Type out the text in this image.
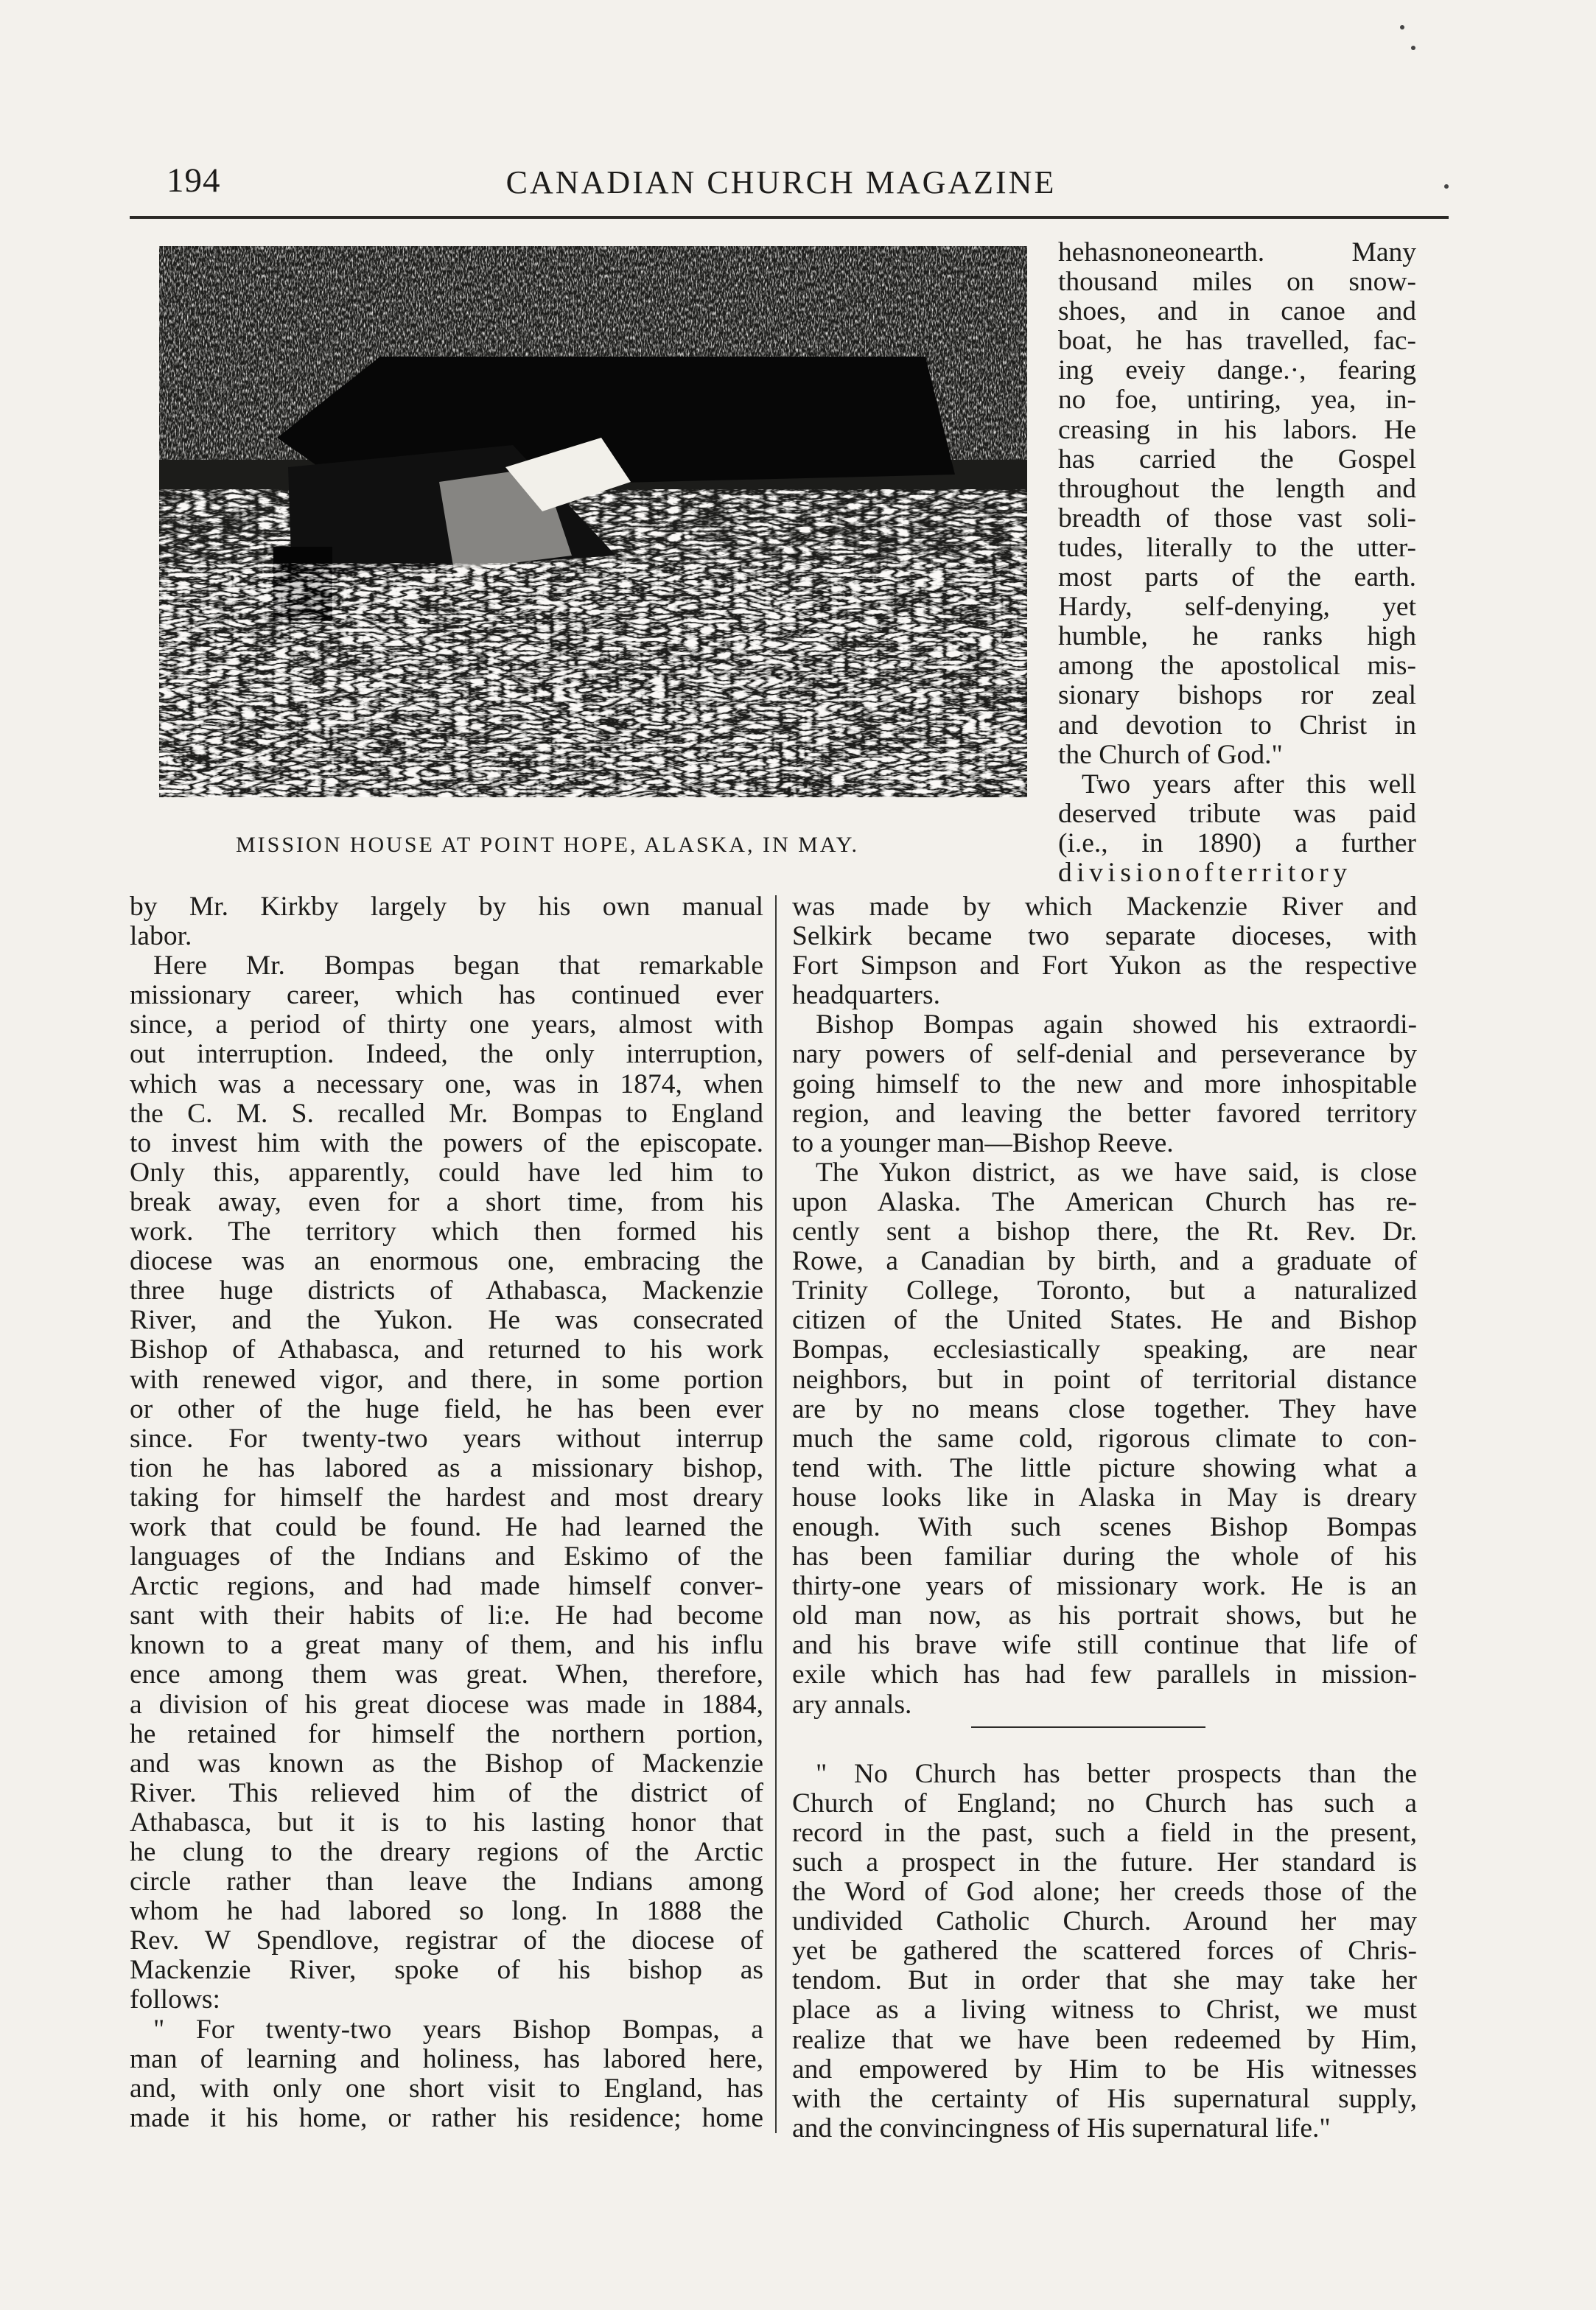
194	CANADIAN CHURCH MAGAZINE
MISSION HOUSE AT POINT HOPE, ALASKA, IN MAY.

hehasnoneonearth. Many

thousand miles on snow-

shoes, and in canoe and

boat, he has travelled, fac-

ing eveiy dange.·, fearing

no foe, untiring, yea, in-

creasing in his labors. He

has carried the Gospel

throughout the length and

breadth of those vast soli-

tudes, literally to the utter-

most parts of the earth.

Hardy, self-denying, yet

humble, he ranks high

among the apostolical mis-

sionary bishops ror zeal

and devotion to Christ in

the Church of God."

Two years after this well

deserved tribute was paid

(i.e., in 1890) a further

divisionofterritory

by Mr. Kirkby largely by his own manual

labor.

Here Mr. Bompas began that remarkable

missionary career, which has continued ever

since, a period of thirty one years, almost with

out interruption. Indeed, the only interruption,

which was a necessary one, was in 1874, when

the C. M. S. recalled Mr. Bompas to England

to invest him with the powers of the episcopate.

Only this, apparently, could have led him to

break away, even for a short time, from his

work. The territory which then formed his

diocese was an enormous one, embracing the

three huge districts of Athabasca, Mackenzie

River, and the Yukon. He was consecrated

Bishop of Athabasca, and returned to his work

with renewed vigor, and there, in some portion

or other of the huge field, he has been ever

since. For twenty-two years without interrup

tion he has labored as a missionary bishop,

taking for himself the hardest and most dreary

work that could be found. He had learned the

languages of the Indians and Eskimo of the

Arctic regions, and had made himself conver-

sant with their habits of li:e. He had become

known to a great many of them, and his influ

ence among them was great. When, therefore,

a division of his great diocese was made in 1884,

he retained for himself the northern portion,

and was known as the Bishop of Mackenzie

River. This relieved him of the district of

Athabasca, but it is to his lasting honor that

he clung to the dreary regions of the Arctic

circle rather than leave the Indians among

whom he had labored so long. In 1888 the

Rev. W Spendlove, registrar of the diocese of

Mackenzie River, spoke of his bishop as

follows:

" For twenty-two years Bishop Bompas, a

man of learning and holiness, has labored here,

and, with only one short visit to England, has

made it his home, or rather his residence; home

was made by which Mackenzie River and

Selkirk became two separate dioceses, with

Fort Simpson and Fort Yukon as the respective

headquarters.

Bishop Bompas again showed his extraordi-

nary powers of self-denial and perseverance by

going himself to the new and more inhospitable

region, and leaving the better favored territory

to a younger man—Bishop Reeve.

The Yukon district, as we have said, is close

upon Alaska. The American Church has re-

cently sent a bishop there, the Rt. Rev. Dr.

Rowe, a Canadian by birth, and a graduate of

Trinity College, Toronto, but a naturalized

citizen of the United States. He and Bishop

Bompas, ecclesiastically speaking, are near

neighbors, but in point of territorial distance

are by no means close together. They have

much the same cold, rigorous climate to con-

tend with. The little picture showing what a

house looks like in Alaska in May is dreary

enough. With such scenes Bishop Bompas

has been familiar during the whole of his

thirty-one years of missionary work. He is an

old man now, as his portrait shows, but he

and his brave wife still continue that life of

exile which has had few parallels in mission-

ary annals.

" No Church has better prospects than the

Church of England; no Church has such a

record in the past, such a field in the present,

such a prospect in the future. Her standard is

the Word of God alone; her creeds those of the

undivided Catholic Church. Around her may

yet be gathered the scattered forces of Chris-

tendom. But in order that she may take her

place as a living witness to Christ, we must

realize that we have been redeemed by Him,

and empowered by Him to be His witnesses

with the certainty of His supernatural supply,

and the convincingness of His supernatural life."
